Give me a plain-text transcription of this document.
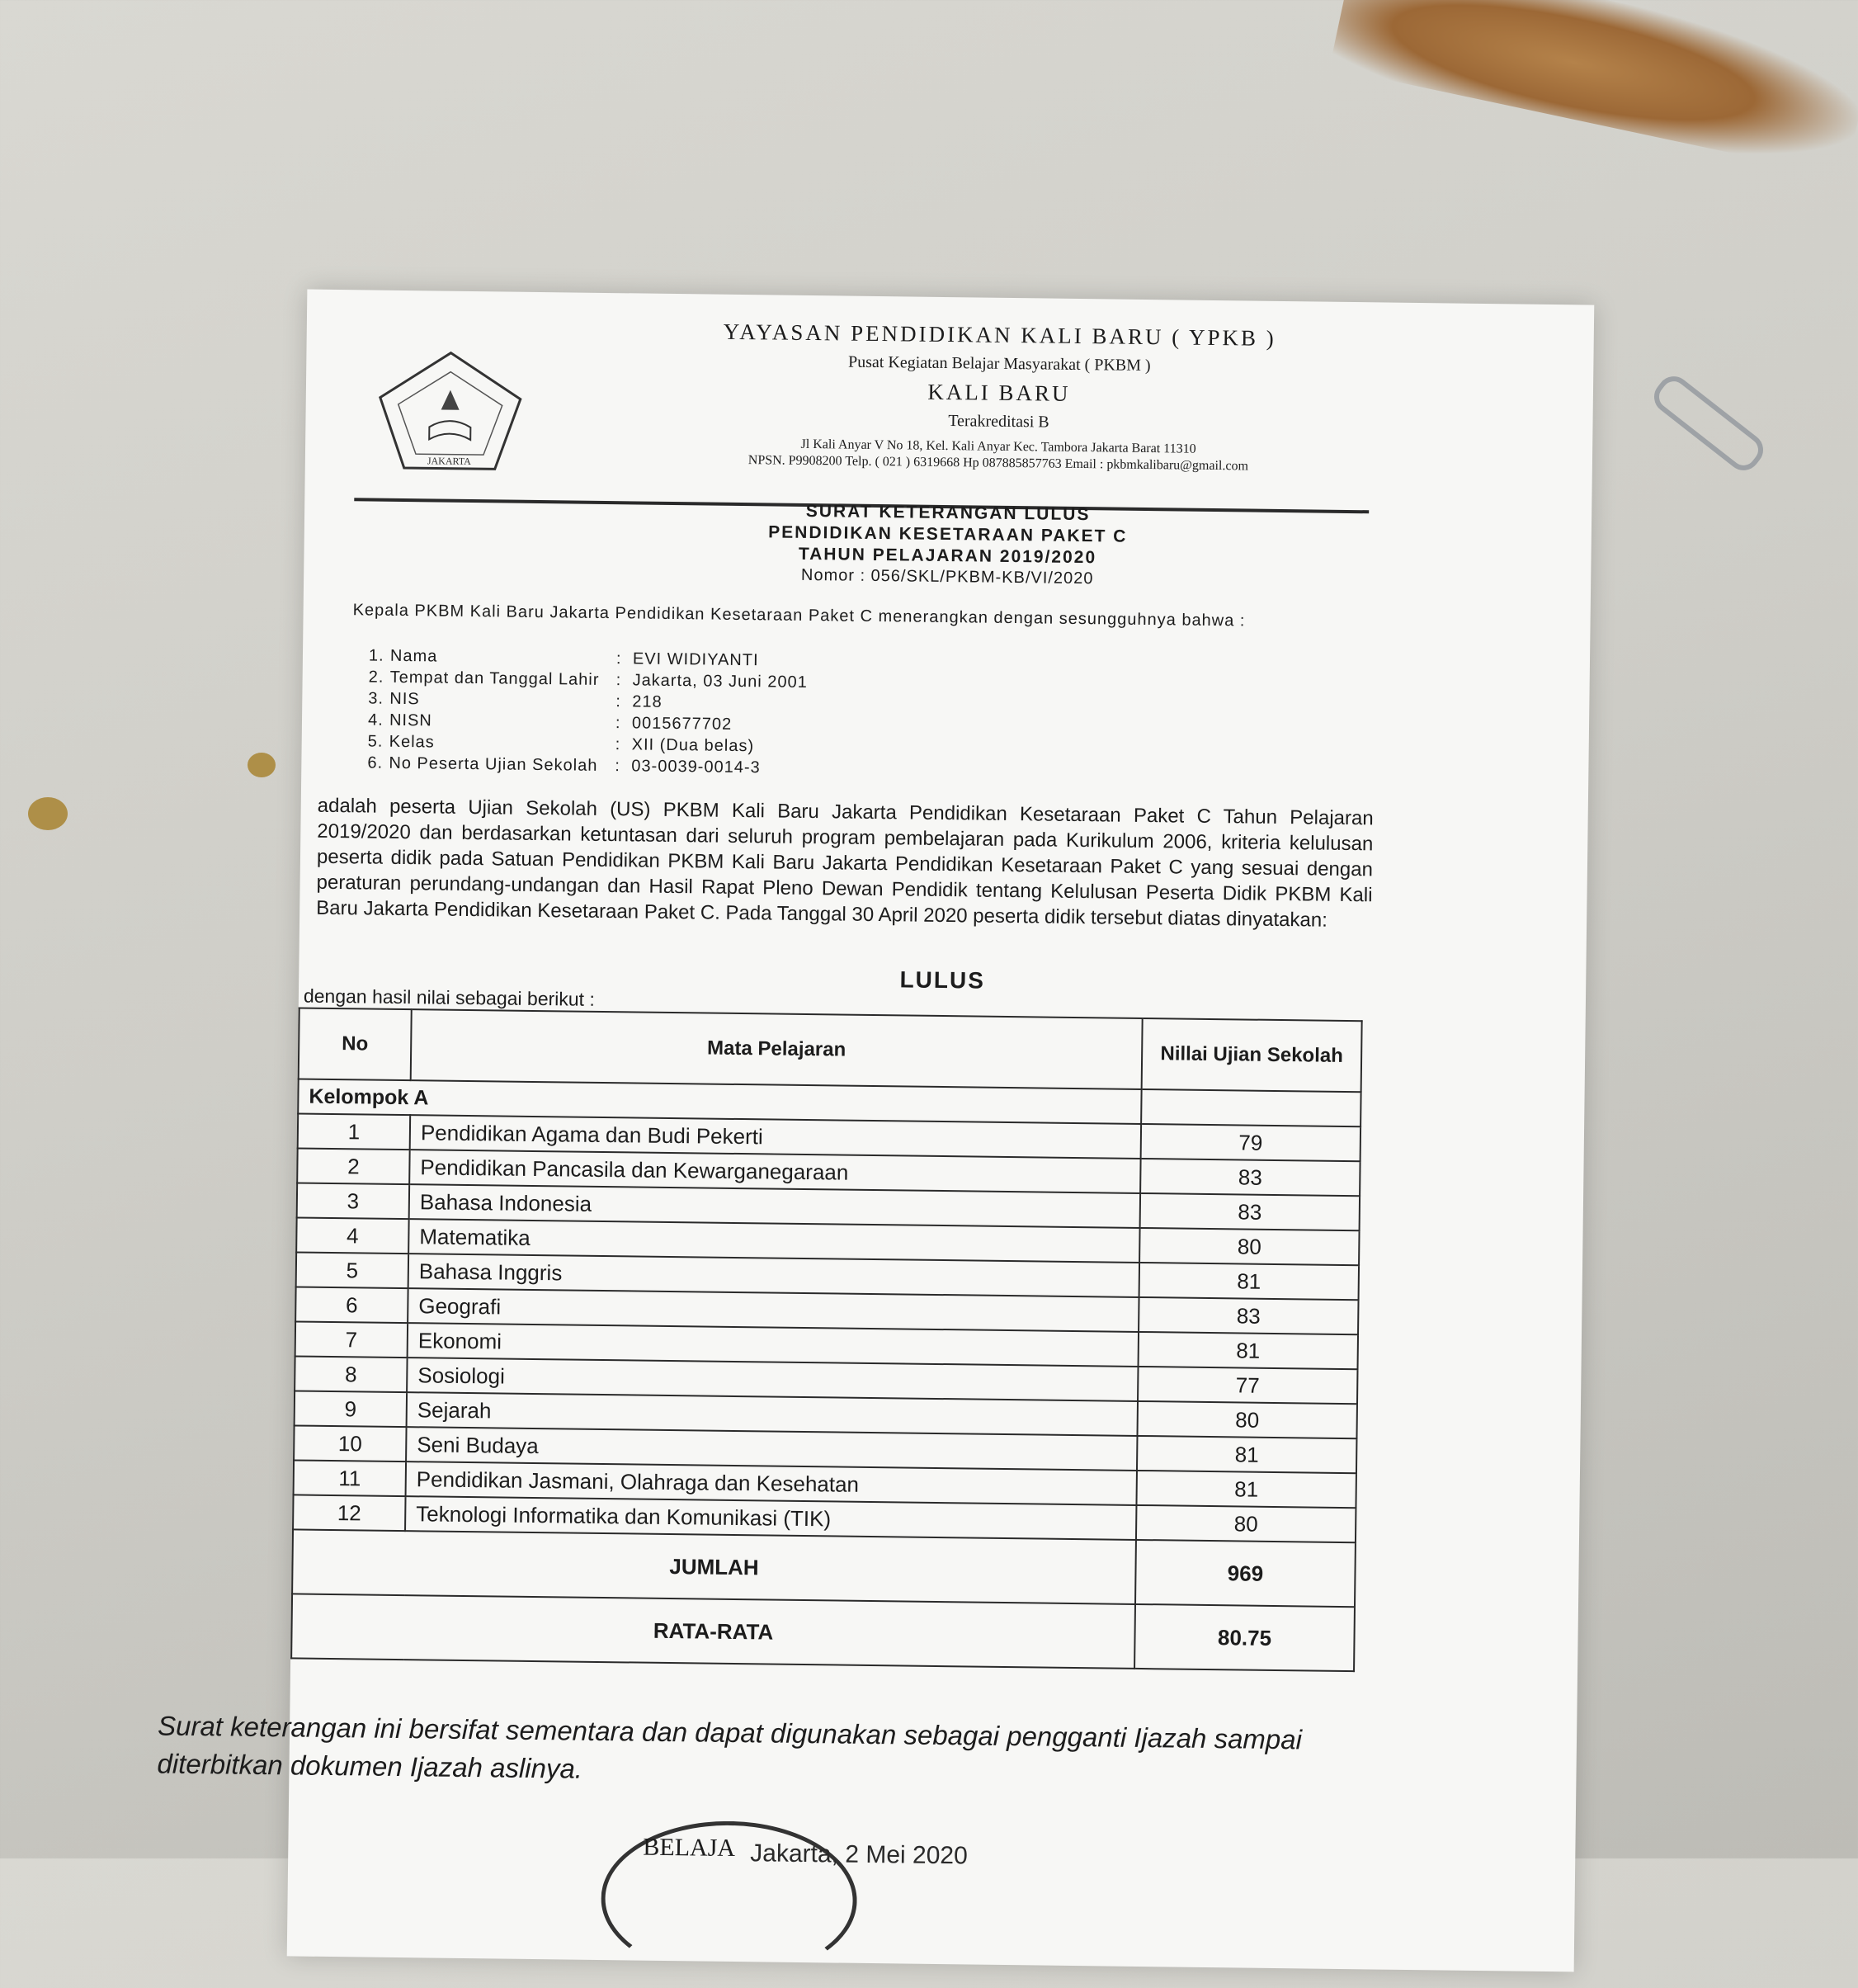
JAKARTA
YAYASAN PENDIDIKAN KALI BARU ( YPKB )
Pusat Kegiatan Belajar Masyarakat ( PKBM )
KALI BARU
Terakreditasi B
Jl Kali Anyar V No 18, Kel. Kali Anyar Kec. Tambora Jakarta Barat 11310
NPSN. P9908200 Telp. ( 021 ) 6319668 Hp 087885857763 Email : pkbmkalibaru@gmail.com
SURAT KETERANGAN LULUS
PENDIDIKAN KESETARAAN PAKET C
TAHUN PELAJARAN 2019/2020
Nomor : 056/SKL/PKBM-KB/VI/2020
Kepala PKBM Kali Baru Jakarta Pendidikan Kesetaraan Paket C menerangkan dengan sesungguhnya bahwa :
1. Nama	: EVI WIDIYANTI
2. Tempat dan Tanggal Lahir : Jakarta, 03 Juni 2001
3. NIS	: 218
4. NISN	: 0015677702
5. Kelas	: XII (Dua belas)
6. No Peserta Ujian Sekolah : 03-0039-0014-3
adalah peserta Ujian Sekolah (US) PKBM Kali Baru Jakarta Pendidikan Kesetaraan Paket C Tahun Pelajaran 2019/2020 dan berdasarkan ketuntasan dari seluruh program pembelajaran pada Kurikulum 2006, kriteria kelulusan peserta didik pada Satuan Pendidikan PKBM Kali Baru Jakarta Pendidikan Kesetaraan Paket C yang sesuai dengan peraturan perundang-undangan dan Hasil Rapat Pleno Dewan Pendidik tentang Kelulusan Peserta Didik PKBM Kali Baru Jakarta Pendidikan Kesetaraan Paket C. Pada Tanggal 30 April 2020 peserta didik tersebut diatas dinyatakan:
LULUS
dengan hasil nilai sebagai berikut :
No	Mata Pelajaran	Nillai Ujian Sekolah
Kelompok A		
1	Pendidikan Agama dan Budi Pekerti	79
2	Pendidikan Pancasila dan Kewarganegaraan	83
3	Bahasa Indonesia	83
4	Matematika	80
5	Bahasa Inggris	81
6	Geografi	83
7	Ekonomi	81
8	Sosiologi	77
9	Sejarah	80
10	Seni Budaya	81
11	Pendidikan Jasmani, Olahraga dan Kesehatan	81
12	Teknologi Informatika dan Komunikasi (TIK)	80
JUMLAH		969
RATA-RATA		80.75
Surat keterangan ini bersifat sementara dan dapat digunakan sebagai pengganti Ijazah sampai diterbitkan dokumen Ijazah aslinya.
BELAJA Jakarta, 2 Mei 2020
